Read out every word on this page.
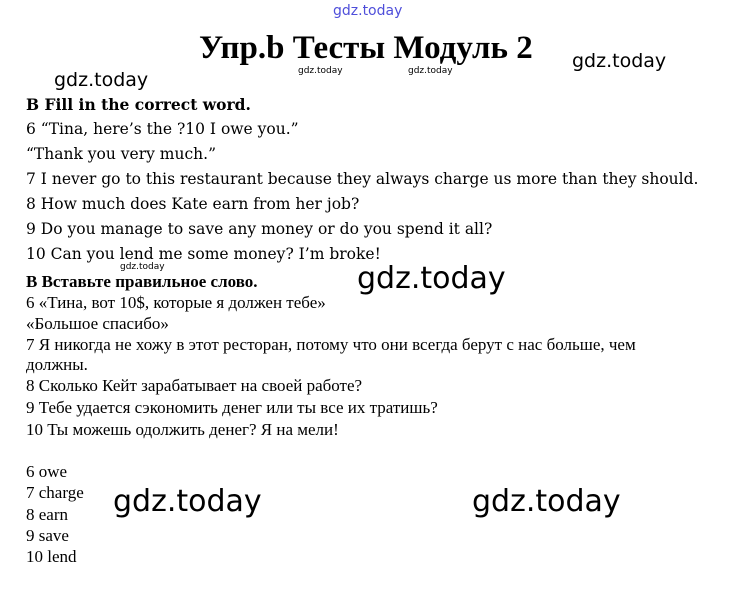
gdz.today
gdz.today
gdz.today	gdz.today
gdz.today
gdz.today	gdz.today
gdz.today	gdz.today
Упр.b Тесты Модуль 2
B Fill in the correct word.
6 “Tina, here’s the ?10 I owe you.”
“Thank you very much.”
7 I never go to this restaurant because they always charge us more than they should.
8 How much does Kate earn from her job?
9 Do you manage to save any money or do you spend it all?
10 Can you lend me some money? I’m broke!
B Вставьте правильное слово.
6 «Тина, вот 10$, которые я должен тебе»
«Большое спасибо»
7 Я никогда не хожу в этот ресторан, потому что они всегда берут с нас больше, чем
должны.
8 Сколько Кейт зарабатывает на своей работе?
9 Тебе удается сэкономить денег или ты все их тратишь?
10 Ты можешь одолжить денег? Я на мели!
6 owe
7 charge
8 earn
9 save
10 lend
